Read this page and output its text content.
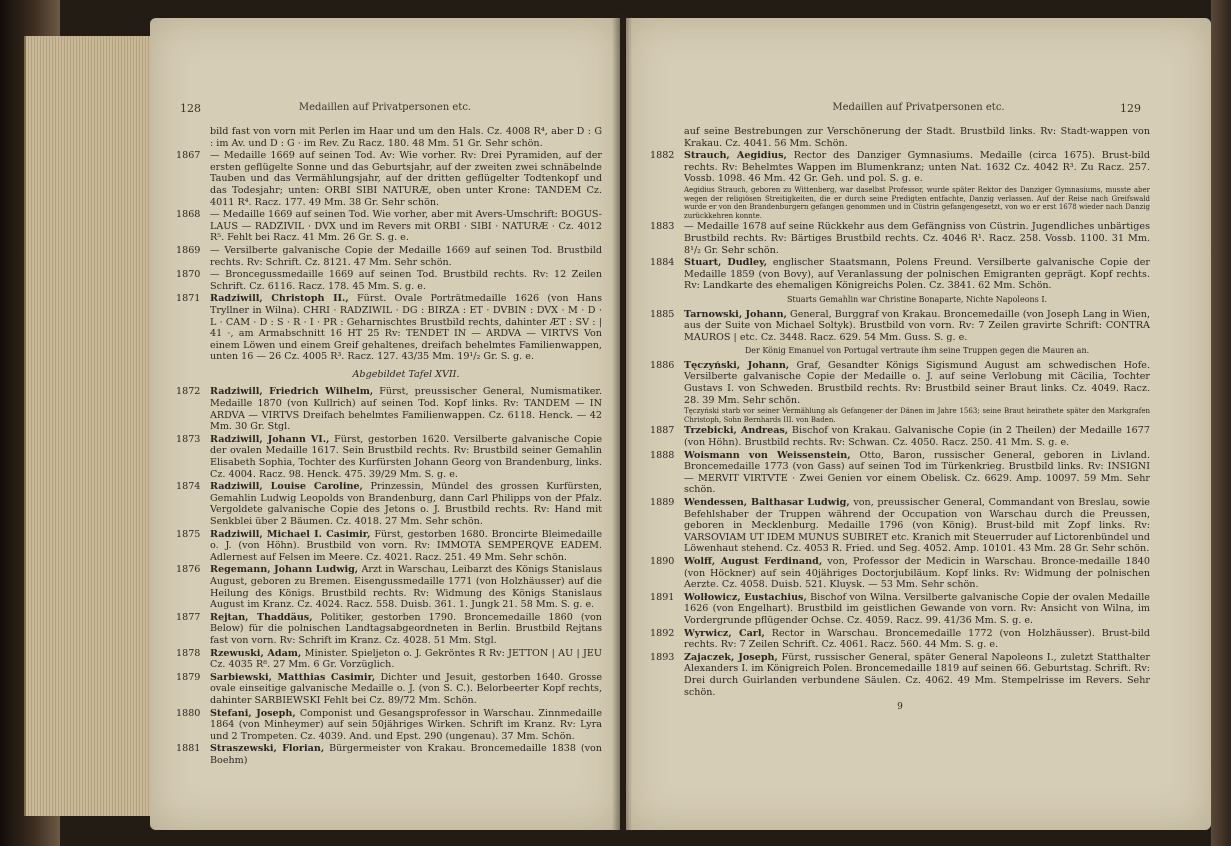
128	Medaillen auf Privatpersonen etc.
bild fast von vorn mit Perlen im Haar und um den Hals. Cz. 4008 R⁴, aber D : G : im Av. und D : G · im Rev. Zu Racz. 180. 48 Mm. 51 Gr. Sehr schön.
1867 — Medaille 1669 auf seinen Tod. Av: Wie vorher. Rv: Drei Pyramiden, auf der ersten geflügelte Sonne und das Geburtsjahr, auf der zweiten zwei schnäbelnde Tauben und das Vermählungsjahr, auf der dritten geflügelter Todtenkopf und das Todesjahr; unten: ORBI SIBI NATURÆ, oben unter Krone: TANDEM Cz. 4011 R⁴. Racz. 177. 49 Mm. 38 Gr. Sehr schön.
1868 — Medaille 1669 auf seinen Tod. Wie vorher, aber mit Avers-Umschrift: BOGUS-LAUS — RADZIVIL · DVX und im Revers mit ORBI · SIBI · NATURÆ · Cz. 4012 R⁵. Fehlt bei Racz. 41 Mm. 26 Gr. S. g. e.
1869 — Versilberte galvanische Copie der Medaille 1669 auf seinen Tod. Brustbild rechts. Rv: Schrift. Cz. 8121. 47 Mm. Sehr schön.
1870 — Broncegussmedaille 1669 auf seinen Tod. Brustbild rechts. Rv: 12 Zeilen Schrift. Cz. 6116. Racz. 178. 45 Mm. S. g. e.
1871 Radziwill, Christoph II., Fürst. Ovale Porträtmedaille 1626 (von Hans Tryllner in Wilna). CHRI · RADZIWIL · DG : BIRZA : ET · DVBIN : DVX · M · D · L · CAM · D : S · R · I · PR : Geharnischtes Brustbild rechts, dahinter ÆT : SV : | 41 ·, am Armabschnitt 16 HT 25 Rv: TENDET IN — ARDVA — VIRTVS Von einem Löwen und einem Greif gehaltenes, dreifach behelmtes Familienwappen, unten 16 — 26 Cz. 4005 R³. Racz. 127. 43/35 Mm. 19¹/₂ Gr. S. g. e.
Abgebildet Tafel XVII.
1872 Radziwill, Friedrich Wilhelm, Fürst, preussischer General, Numismatiker. Medaille 1870 (von Kullrich) auf seinen Tod. Kopf links. Rv: TANDEM — IN ARDVA — VIRTVS Dreifach behelmtes Familienwappen. Cz. 6118. Henck. — 42 Mm. 30 Gr. Stgl.
1873 Radziwill, Johann VI., Fürst, gestorben 1620. Versilberte galvanische Copie der ovalen Medaille 1617. Sein Brustbild rechts. Rv: Brustbild seiner Gemahlin Elisabeth Sophia, Tochter des Kurfürsten Johann Georg von Brandenburg, links. Cz. 4004. Racz. 98. Henck. 475. 39/29 Mm. S. g. e.
1874 Radziwill, Louise Caroline, Prinzessin, Mündel des grossen Kurfürsten, Gemahlin Ludwig Leopolds von Brandenburg, dann Carl Philipps von der Pfalz. Vergoldete galvanische Copie des Jetons o. J. Brustbild rechts. Rv: Hand mit Senkblei über 2 Bäumen. Cz. 4018. 27 Mm. Sehr schön.
1875 Radziwill, Michael I. Casimir, Fürst, gestorben 1680. Broncirte Bleimedaille o. J. (von Höhn). Brustbild von vorn. Rv: IMMOTA SEMPERQVE EADEM. Adlernest auf Felsen im Meere. Cz. 4021. Racz. 251. 49 Mm. Sehr schön.
1876 Regemann, Johann Ludwig, Arzt in Warschau, Leibarzt des Königs Stanislaus August, geboren zu Bremen. Eisengussmedaille 1771 (von Holzhäusser) auf die Heilung des Königs. Brustbild rechts. Rv: Widmung des Königs Stanislaus August im Kranz. Cz. 4024. Racz. 558. Duisb. 361. 1. Jungk 21. 58 Mm. S. g. e.
1877 Rejtan, Thaddäus, Politiker, gestorben 1790. Broncemedaille 1860 (von Below) für die polnischen Landtagsabgeordneten in Berlin. Brustbild Rejtans fast von vorn. Rv: Schrift im Kranz. Cz. 4028. 51 Mm. Stgl.
1878 Rzewuski, Adam, Minister. Spieljeton o. J. Gekröntes R Rv: JETTON | AU | JEU Cz. 4035 R⁸. 27 Mm. 6 Gr. Vorzüglich.
1879 Sarbiewski, Matthias Casimir, Dichter und Jesuit, gestorben 1640. Grosse ovale einseitige galvanische Medaille o. J. (von S. C.). Belorbeerter Kopf rechts, dahinter SARBIEWSKI Fehlt bei Cz. 89/72 Mm. Schön.
1880 Stefani, Joseph, Componist und Gesangsprofessor in Warschau. Zinnmedaille 1864 (von Minheymer) auf sein 50jähriges Wirken. Schrift im Kranz. Rv: Lyra und 2 Trompeten. Cz. 4039. And. und Epst. 290 (ungenau). 37 Mm. Schön.
1881 Straszewski, Florian, Bürgermeister von Krakau. Broncemedaille 1838 (von Boehm)
Medaillen auf Privatpersonen etc.	129
auf seine Bestrebungen zur Verschönerung der Stadt. Brustbild links. Rv: Stadt-wappen von Krakau. Cz. 4041. 56 Mm. Schön.
1882 Strauch, Aegidius, Rector des Danziger Gymnasiums. Medaille (circa 1675). Brust-bild rechts. Rv: Behelmtes Wappen im Blumenkranz; unten Nat. 1632 Cz. 4042 R³. Zu Racz. 257. Vossb. 1098. 46 Mm. 42 Gr. Geh. und pol. S. g. e.
Aegidius Strauch, geboren zu Wittenberg, war daselbst Professor, wurde später Rektor des Danziger Gymnasiums, musste aber wegen der religiösen Streitigkeiten, die er durch seine Predigten entfachte, Danzig verlassen. Auf der Reise nach Greifswald wurde er von den Brandenburgern gefangen genommen und in Cüstrin gefangengesetzt, von wo er erst 1678 wieder nach Danzig zurückkehren konnte.
1883 — Medaille 1678 auf seine Rückkehr aus dem Gefängniss von Cüstrin. Jugendliches unbärtiges Brustbild rechts. Rv: Bärtiges Brustbild rechts. Cz. 4046 R¹. Racz. 258. Vossb. 1100. 31 Mm. 8¹/₂ Gr. Sehr schön.
1884 Stuart, Dudley, englischer Staatsmann, Polens Freund. Versilberte galvanische Copie der Medaille 1859 (von Bovy), auf Veranlassung der polnischen Emigranten geprägt. Kopf rechts. Rv: Landkarte des ehemaligen Königreichs Polen. Cz. 3841. 62 Mm. Schön.
Stuarts Gemahlin war Christine Bonaparte, Nichte Napoleons I.
1885 Tarnowski, Johann, General, Burggraf von Krakau. Broncemedaille (von Joseph Lang in Wien, aus der Suite von Michael Soltyk). Brustbild von vorn. Rv: 7 Zeilen gravirte Schrift: CONTRA MAUROS | etc. Cz. 3448. Racz. 629. 54 Mm. Guss. S. g. e.
Der König Emanuel von Portugal vertraute ihm seine Truppen gegen die Mauren an.
1886 Tęczyński, Johann, Graf, Gesandter Königs Sigismund August am schwedischen Hofe. Versilberte galvanische Copie der Medaille o. J. auf seine Verlobung mit Cäcilia, Tochter Gustavs I. von Schweden. Brustbild rechts. Rv: Brustbild seiner Braut links. Cz. 4049. Racz. 28. 39 Mm. Sehr schön.
Tęczyński starb vor seiner Vermählung als Gefangener der Dänen im Jahre 1563; seine Braut heirathete später den Markgrafen Christoph, Sohn Bernhards III. von Baden.
1887 Trzebicki, Andreas, Bischof von Krakau. Galvanische Copie (in 2 Theilen) der Medaille 1677 (von Höhn). Brustbild rechts. Rv: Schwan. Cz. 4050. Racz. 250. 41 Mm. S. g. e.
1888 Woismann von Weissenstein, Otto, Baron, russischer General, geboren in Livland. Broncemedaille 1773 (von Gass) auf seinen Tod im Türkenkrieg. Brustbild links. Rv: INSIGNI — MERVIT VIRTVTE · Zwei Genien vor einem Obelisk. Cz. 6629. Amp. 10097. 59 Mm. Sehr schön.
1889 Wendessen, Balthasar Ludwig, von, preussischer General, Commandant von Breslau, sowie Befehlshaber der Truppen während der Occupation von Warschau durch die Preussen, geboren in Mecklenburg. Medaille 1796 (von König). Brust-bild mit Zopf links. Rv: VARSOVIAM UT IDEM MUNUS SUBIRET etc. Kranich mit Steuerruder auf Lictorenbündel und Löwenhaut stehend. Cz. 4053 R. Fried. und Seg. 4052. Amp. 10101. 43 Mm. 28 Gr. Sehr schön.
1890 Wolff, August Ferdinand, von, Professor der Medicin in Warschau. Bronce-medaille 1840 (von Höckner) auf sein 40jähriges Doctorjubiläum. Kopf links. Rv: Widmung der polnischen Aerzte. Cz. 4058. Duisb. 521. Kluysk. — 53 Mm. Sehr schön.
1891 Wolłowicz, Eustachius, Bischof von Wilna. Versilberte galvanische Copie der ovalen Medaille 1626 (von Engelhart). Brustbild im geistlichen Gewande von vorn. Rv: Ansicht von Wilna, im Vordergrunde pflügender Ochse. Cz. 4059. Racz. 99. 41/36 Mm. S. g. e.
1892 Wyrwicz, Carl, Rector in Warschau. Broncemedaille 1772 (von Holzhäusser). Brust-bild rechts. Rv: 7 Zeilen Schrift. Cz. 4061. Racz. 560. 44 Mm. S. g. e.
1893 Zajaczek, Joseph, Fürst, russischer General, später General Napoleons I., zuletzt Statthalter Alexanders I. im Königreich Polen. Broncemedaille 1819 auf seinen 66. Geburtstag. Schrift. Rv: Drei durch Guirlanden verbundene Säulen. Cz. 4062. 49 Mm. Stempelrisse im Revers. Sehr schön.
9
